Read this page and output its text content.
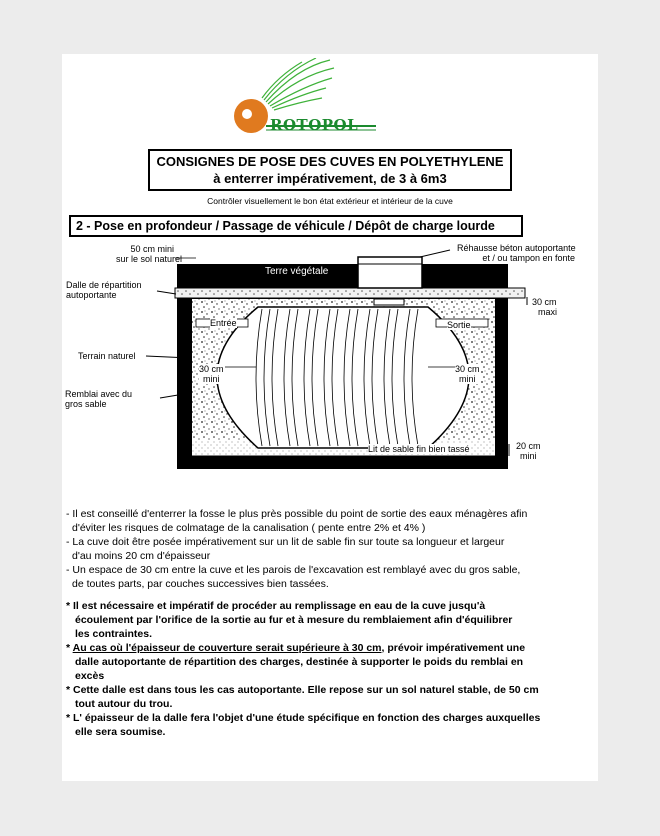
ROTOPOL
CONSIGNES DE POSE DES CUVES EN POLYETHYLENE
à enterrer impérativement, de 3 à 6m3
Contrôler visuellement le bon état extérieur et intérieur de la cuve
2 - Pose en profondeur / Passage de véhicule / Dépôt de charge lourde
50 cm mini
sur le sol naturel
Réhausse béton autoportante
et / ou tampon en fonte
Terre végétale
Dalle de répartition
autoportante
30 cm
maxi
Entrée	Sortie
Terrain naturel
30 cm
mini
30 cm
mini
Remblai avec du
gros sable
Lit de sable fin bien tassé	20 cm
mini

- Il est conseillé d'enterrer la fosse le plus près possible du point de sortie des eaux ménagères afin

d'éviter les risques de colmatage de la canalisation ( pente entre 2% et 4% )

- La cuve doit être posée impérativement sur un lit de sable fin sur toute sa longueur et largeur

d'au moins 20 cm d'épaisseur

- Un espace de 30 cm entre la cuve et les parois de l'excavation est remblayé avec du gros sable,

de toutes parts, par couches successives bien tassées.

* Il est nécessaire et impératif de procéder au remplissage en eau de la cuve jusqu'à

écoulement par l'orifice de la sortie au fur et à mesure du remblaiement afin d'équilibrer

les contraintes.

* Au cas où l'épaisseur de couverture serait supérieure à 30 cm, prévoir impérativement une

dalle autoportante de répartition des charges, destinée à supporter le poids du remblai en

excès

* Cette dalle est dans tous les cas autoportante. Elle repose sur un sol naturel stable, de 50 cm

tout autour du trou.

* L' épaisseur de la dalle fera l'objet d'une étude spécifique en fonction des charges auxquelles

elle sera soumise.
